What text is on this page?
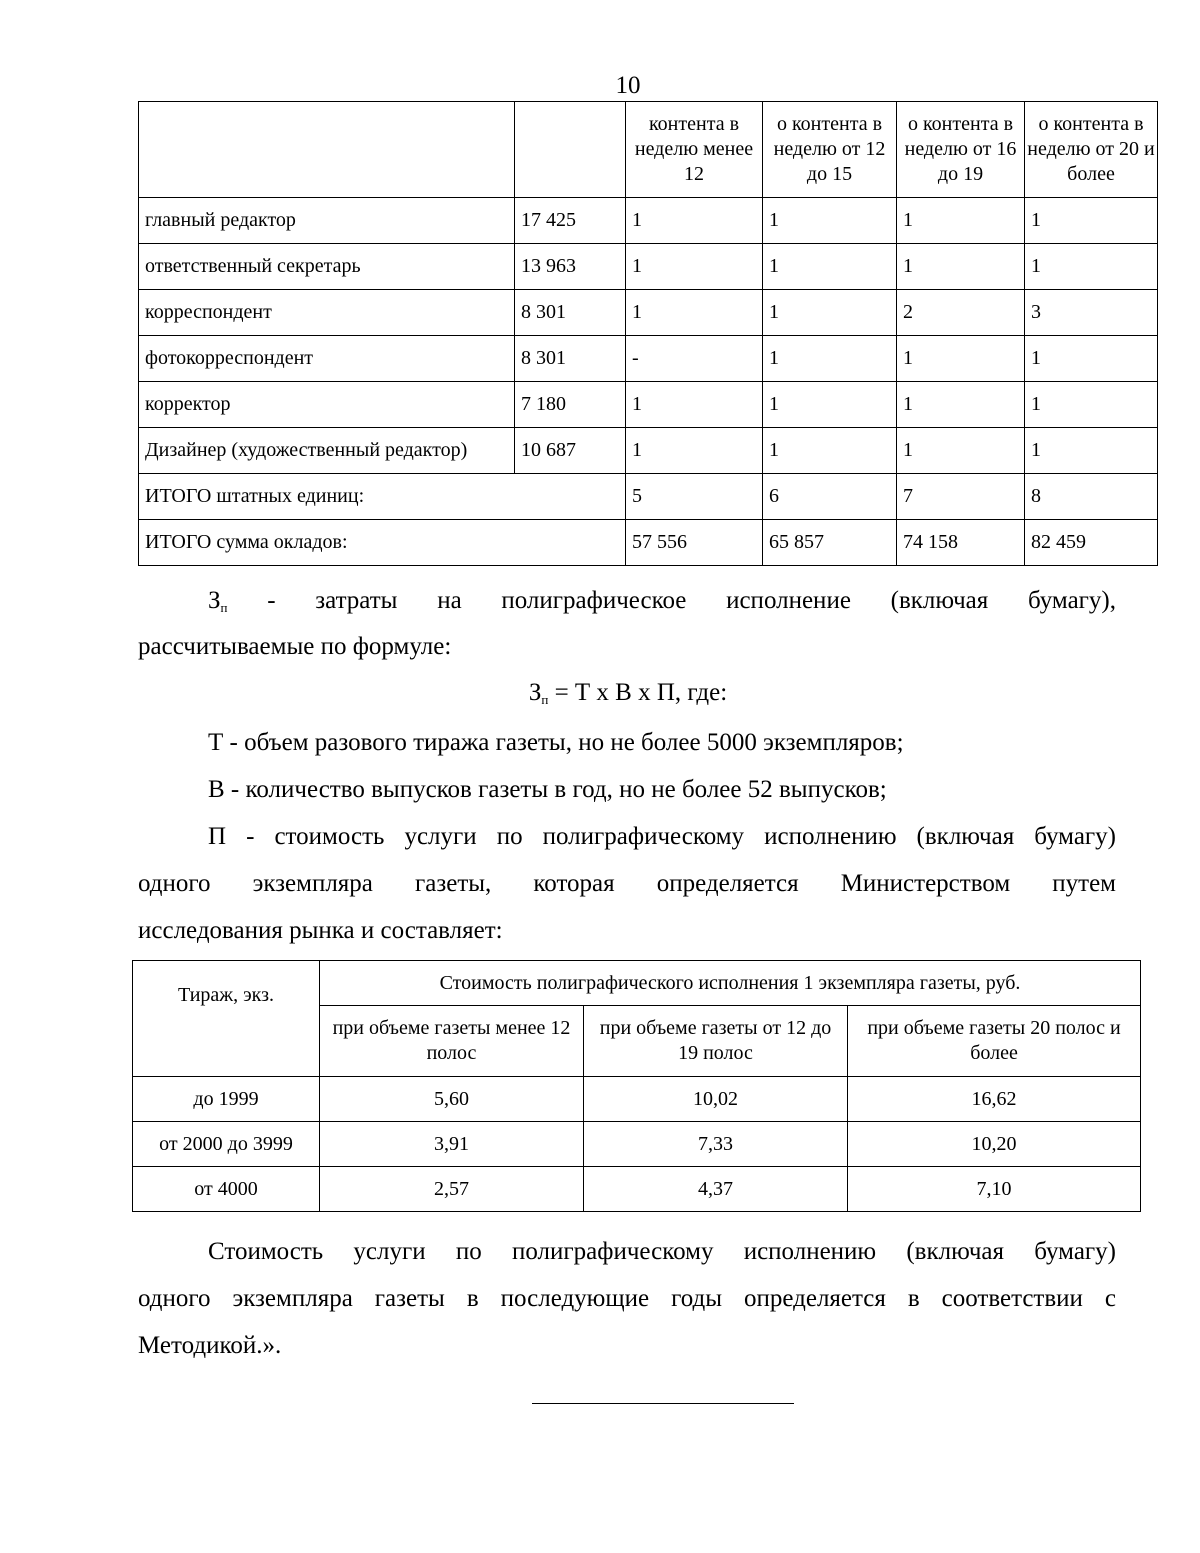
10
		контента в неделю менее 12	о контента в неделю от 12 до 15	о контента в неделю от 16 до 19	о контента в неделю от 20 и более
главный редактор	17 425	1	1	1	1
ответственный секретарь	13 963	1	1	1	1
корреспондент	8 301	1	1	2	3
фотокорреспондент	8 301	-	1	1	1
корректор	7 180	1	1	1	1
Дизайнер (художественный редактор)	10 687	1	1	1	1
ИТОГО штатных единиц:		5	6	7	8
ИТОГО сумма окладов:		57 556	65 857	74 158	82 459

$З_п$ - затраты на полиграфическое исполнение (включая бумагу),

рассчитываемые по формуле:

$З_п = Т$ х В х П, где:

Т - объем разового тиража газеты, но не более 5000 экземпляров;

В - количество выпусков газеты в год, но не более 52 выпусков;

П - стоимость услуги по полиграфическому исполнению (включая бумагу)

одного экземпляра газеты, которая определяется Министерством путем

исследования рынка и составляет:

Тираж, экз.	Стоимость полиграфического исполнения 1 экземпляра газеты, руб.		
	при объеме газеты менее 12 полос	при объеме газеты от 12 до 19 полос	при объеме газеты 20 полос и более
до 1999	5,60	10,02	16,62
от 2000 до 3999	3,91	7,33	10,20
от 4000	2,57	4,37	7,10

Стоимость услуги по полиграфическому исполнению (включая бумагу)

одного экземпляра газеты в последующие годы определяется в соответствии с

Методикой.».
